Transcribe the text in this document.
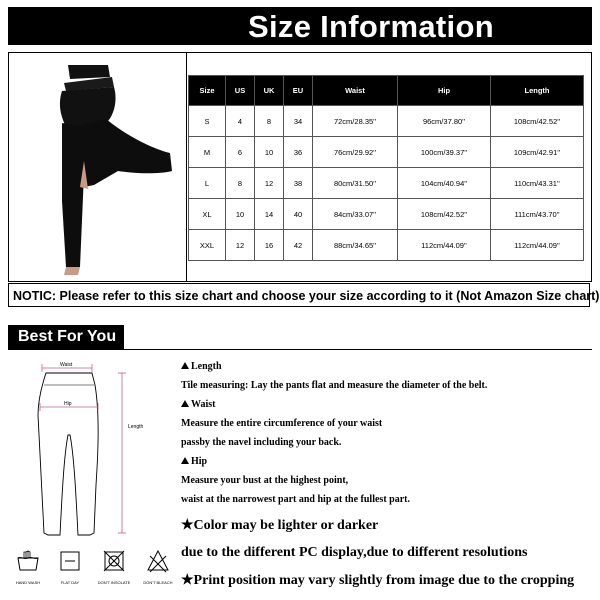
Size Information
Size	US	UK	EU	Waist	Hip	Length
S	4	8	34	72cm/28.35''	96cm/37.80''	108cm/42.52''
M	6	10	36	76cm/29.92''	100cm/39.37''	109cm/42.91''
L	8	12	38	80cm/31.50''	104cm/40.94''	110cm/43.31''
XL	10	14	40	84cm/33.07''	108cm/42.52''	111cm/43.70''
XXL	12	16	42	88cm/34.65''	112cm/44.09''	112cm/44.09''
NOTIC: Please refer to this size chart and choose your size according to it (Not Amazon Size chart)
Best For You
Waist
Hip
Length
HAND WASH	FLAT DAY	DON'T INSOLATE	DON'T BLEACH
Length
Tile measuring: Lay the pants flat and measure the diameter of the belt.
Waist
Measure the entire circumference of your waist
passby the navel including your back.
Hip
Measure your bust at the highest point,
waist at the narrowest part and hip at the fullest part.
★Color may be lighter or darker
due to the different PC display,due to different resolutions
★Print position may vary slightly from image due to the cropping
